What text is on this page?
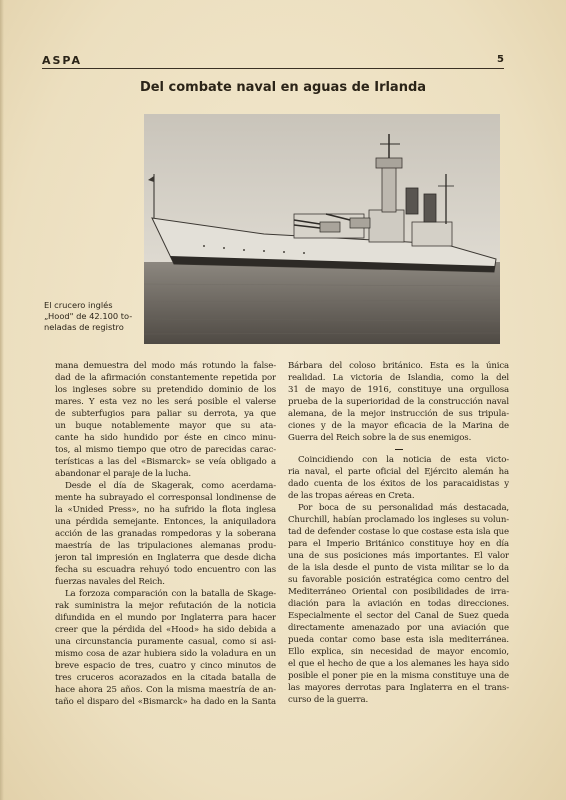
ASPA	5
Del combate naval en aguas de Irlanda
El crucero inglés
„Hood" de 42.100 to-
neladas de registro
mana demuestra del modo más rotundo la false-
dad de la afirmación constantemente repetida por
los ingleses sobre su pretendido dominio de los
mares. Y esta vez no les será posible el valerse
de subterfugios para paliar su derrota, ya que
un buque notablemente mayor que su ata-
cante ha sido hundido por éste en cinco minu-
tos, al mismo tiempo que otro de parecidas carac-
terísticas a las del «Bismarck» se veía obligado a
abandonar el paraje de la lucha.
Desde el día de Skagerak, como acerdama-
mente ha subrayado el corresponsal londinense de
la «Unided Press», no ha sufrido la flota inglesa
una pérdida semejante. Entonces, la aniquiladora
acción de las granadas rompedoras y la soberana
maestría de las tripulaciones alemanas produ-
jeron tal impresión en Inglaterra que desde dicha
fecha su escuadra rehuyó todo encuentro con las
fuerzas navales del Reich.
La forzoza comparación con la batalla de Skage-
rak suministra la mejor refutación de la noticia
difundida en el mundo por Inglaterra para hacer
creer que la pérdida del «Hood» ha sido debida a
una circunstancia puramente casual, como si asi-
mismo cosa de azar hubiera sido la voladura en un
breve espacio de tres, cuatro y cinco minutos de
tres cruceros acorazados en la citada batalla de
hace ahora 25 años. Con la misma maestría de an-
taño el disparo del «Bismarck» ha dado en la Santa
Bárbara del coloso británico. Esta es la única
realidad. La victoria de Islandia, como la del
31 de mayo de 1916, constituye una orgullosa
prueba de la superioridad de la construcción naval
alemana, de la mejor instrucción de sus tripula-
ciones y de la mayor eficacia de la Marina de
Guerra del Reich sobre la de sus enemigos.
Coincidiendo con la noticia de esta victo-
ria naval, el parte oficial del Ejército alemán ha
dado cuenta de los éxitos de los paracaidistas y
de las tropas aéreas en Creta.
Por boca de su personalidad más destacada,
Churchill, habían proclamado los ingleses su volun-
tad de defender costase lo que costase esta isla que
para el Imperio Británico constituye hoy en día
una de sus posiciones más importantes. El valor
de la isla desde el punto de vista militar se lo da
su favorable posición estratégica como centro del
Mediterráneo Oriental con posibilidades de irra-
diación para la aviación en todas direcciones.
Especialmente el sector del Canal de Suez queda
directamente amenazado por una aviación que
pueda contar como base esta isla mediterránea.
Ello explica, sin necesidad de mayor encomio,
el que el hecho de que a los alemanes les haya sido
posible el poner pie en la misma constituye una de
las mayores derrotas para Inglaterra en el trans-
curso de la guerra.
